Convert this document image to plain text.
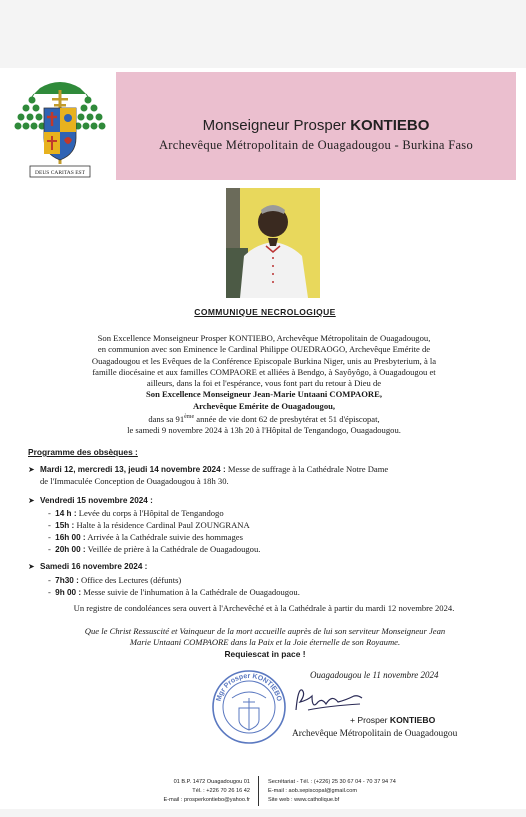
DEUS CARITAS EST
Monseigneur Prosper KONTIEBO
Archevêque Métropolitain de Ouagadougou - Burkina Faso
COMMUNIQUE NECROLOGIQUE
Son Excellence Monseigneur Prosper KONTIEBO, Archevêque Métropolitain de Ouagadougou,
en communion avec son Eminence le Cardinal Philippe OUEDRAOGO, Archevêque Emérite de
Ouagadougou et les Evêques de la Conférence Episcopale Burkina Niger, unis au Presbyterium, à la
famille diocésaine et aux familles COMPAORE et alliées à Bendgo, à Sayôyôgo, à Ouagadougou et
ailleurs, dans la foi et l'espérance, vous font part du retour à Dieu de
Son Excellence Monseigneur Jean-Marie Untaani COMPAORE,
Archevêque Emérite de Ouagadougou,
dans sa 91ème année de vie dont 62 de presbytérat et 51 d'épiscopat,
le samedi 9 novembre 2024 à 13h 20 à l'Hôpital de Tengandogo, Ouagadougou.
Programme des obsèques :
➤ Mardi 12, mercredi 13, jeudi 14 novembre 2024 : Messe de suffrage à la Cathédrale Notre Dame
de l'Immaculée Conception de Ouagadougou à 18h 30.
➤ Vendredi 15 novembre 2024 :
-  14 h : Levée du corps à l'Hôpital de Tengandogo
-  15h : Halte à la résidence Cardinal Paul ZOUNGRANA
-  16h 00 : Arrivée à la Cathédrale suivie des hommages
-  20h 00 : Veillée de prière à la Cathédrale de Ouagadougou.
➤ Samedi 16 novembre 2024 :
-  7h30 : Office des Lectures (défunts)
-  9h 00 : Messe suivie de l'inhumation à la Cathédrale de Ouagadougou.
Un registre de condoléances sera ouvert à l'Archevêché et à la Cathédrale à partir du mardi 12 novembre 2024.
Que le Christ Ressuscité et Vainqueur de la mort accueille auprès de lui son serviteur Monseigneur Jean
Marie Untaani COMPAORE dans la Paix et la Joie éternelle de son Royaume.
Requiescat in pace !
Mgr Prosper KONTIEBO
Ouagadougou le 11 novembre 2024
+ Prosper KONTIEBO
Archevêque Métropolitain de Ouagadougou
01 B.P. 1472 Ouagadougou 01
Tél. : +226 70 26 16 42
E-mail : prosperkontiebo@yahoo.fr
Secrétariat - Tél. : (+226) 25 30 67 04 - 70 37 94 74
E-mail : aob.sepiscopal@gmail.com
Site web : www.catholique.bf
